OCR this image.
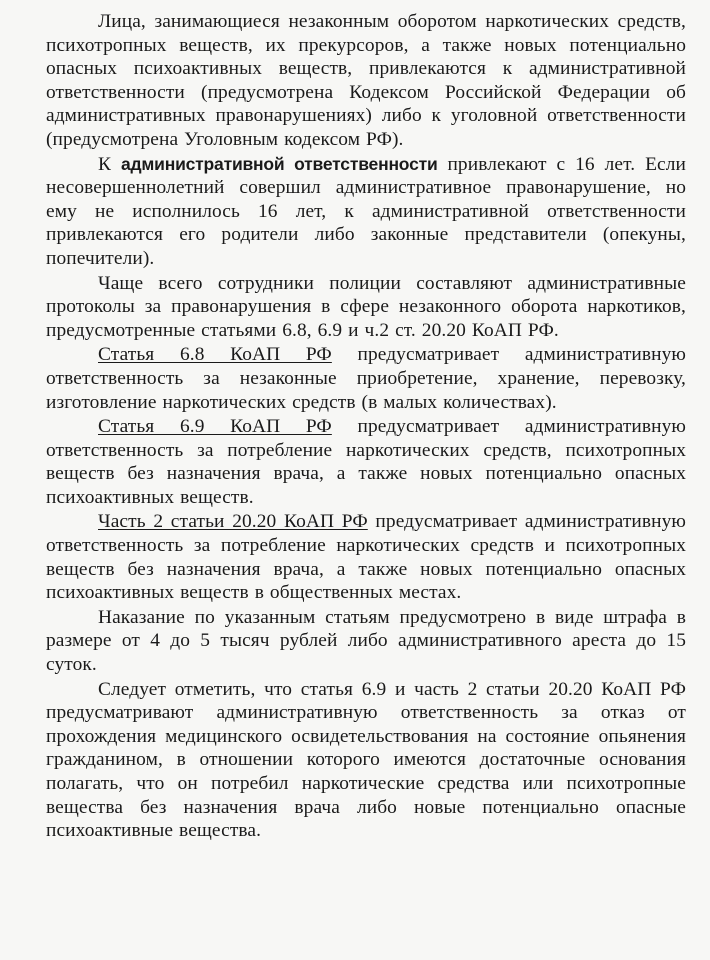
Лица, занимающиеся незаконным оборотом наркотических средств, психотропных веществ, их прекурсоров, а также новых потенциально опасных психоактивных веществ, привлекаются к административной ответственности (предусмотрена Кодексом Российской Федерации об административных правонарушениях) либо к уголовной ответственности (предусмотрена Уголовным кодексом РФ).

К административной ответственности привлекают с 16 лет. Если несовершеннолетний совершил административное правонарушение, но ему не исполнилось 16 лет, к административной ответственности привлекаются его родители либо законные представители (опекуны, попечители).

Чаще всего сотрудники полиции составляют административные протоколы за правонарушения в сфере незаконного оборота наркотиков, предусмотренные статьями 6.8, 6.9 и ч.2 ст. 20.20 КоАП РФ.

Статья 6.8 КоАП РФ предусматривает административную ответственность за незаконные приобретение, хранение, перевозку, изготовление наркотических средств (в малых количествах).

Статья 6.9 КоАП РФ предусматривает административную ответственность за потребление наркотических средств, психотропных веществ без назначения врача, а также новых потенциально опасных психоактивных веществ.

Часть 2 статьи 20.20 КоАП РФ предусматривает административную ответственность за потребление наркотических средств и психотропных веществ без назначения врача, а также новых потенциально опасных психоактивных веществ в общественных местах.

Наказание по указанным статьям предусмотрено в виде штрафа в размере от 4 до 5 тысяч рублей либо административного ареста до 15 суток.

Следует отметить, что статья 6.9 и часть 2 статьи 20.20 КоАП РФ предусматривают административную ответственность за отказ от прохождения медицинского освидетельствования на состояние опьянения гражданином, в отношении которого имеются достаточные основания полагать, что он потребил наркотические средства или психотропные вещества без назначения врача либо новые потенциально опасные психоактивные вещества.
